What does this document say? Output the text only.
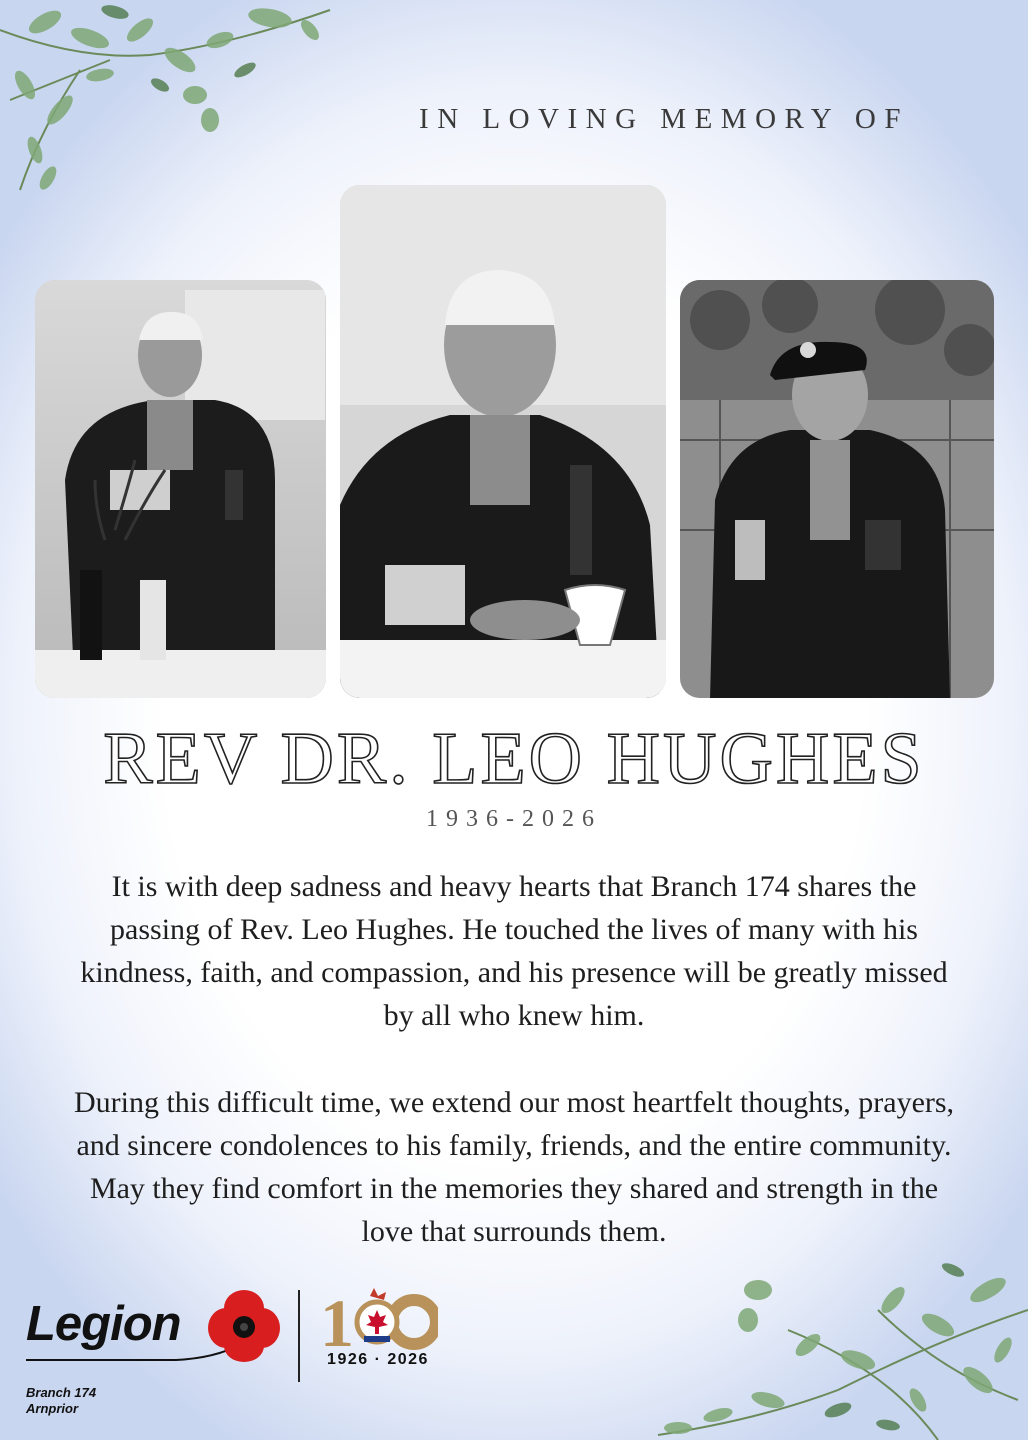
IN LOVING MEMORY OF
REV DR. LEO HUGHES
1936-2026

It is with deep sadness and heavy hearts that Branch 174 shares the passing of Rev. Leo Hughes. He touched the lives of many with his kindness, faith, and compassion, and his presence will be greatly missed by all who knew him.

During this difficult time, we extend our most heartfelt thoughts, prayers, and sincere condolences to his family, friends, and the entire community. May they find comfort in the memories they shared and strength in the love that surrounds them.

Legion
Branch 174
Arnprior
1
1926 · 2026
